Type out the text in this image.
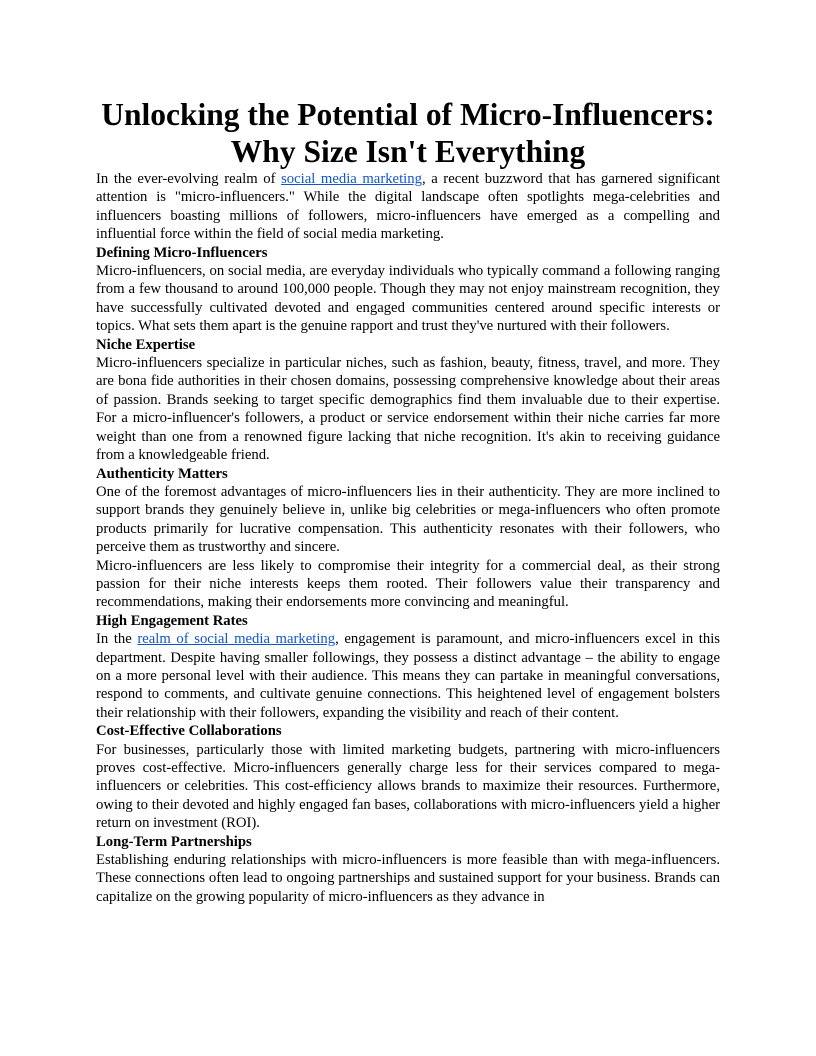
Unlocking the Potential of Micro-Influencers: Why Size Isn't Everything

In the ever-evolving realm of social media marketing, a recent buzzword that has garnered significant attention is "micro-influencers." While the digital landscape often spotlights mega-celebrities and influencers boasting millions of followers, micro-influencers have emerged as a compelling and influential force within the field of social media marketing.

Defining Micro-Influencers

Micro-influencers, on social media, are everyday individuals who typically command a following ranging from a few thousand to around 100,000 people. Though they may not enjoy mainstream recognition, they have successfully cultivated devoted and engaged communities centered around specific interests or topics. What sets them apart is the genuine rapport and trust they've nurtured with their followers.

Niche Expertise

Micro-influencers specialize in particular niches, such as fashion, beauty, fitness, travel, and more. They are bona fide authorities in their chosen domains, possessing comprehensive knowledge about their areas of passion. Brands seeking to target specific demographics find them invaluable due to their expertise. For a micro-influencer's followers, a product or service endorsement within their niche carries far more weight than one from a renowned figure lacking that niche recognition. It's akin to receiving guidance from a knowledgeable friend.

Authenticity Matters

One of the foremost advantages of micro-influencers lies in their authenticity. They are more inclined to support brands they genuinely believe in, unlike big celebrities or mega-influencers who often promote products primarily for lucrative compensation. This authenticity resonates with their followers, who perceive them as trustworthy and sincere.

Micro-influencers are less likely to compromise their integrity for a commercial deal, as their strong passion for their niche interests keeps them rooted. Their followers value their transparency and recommendations, making their endorsements more convincing and meaningful.

High Engagement Rates

In the realm of social media marketing, engagement is paramount, and micro-influencers excel in this department. Despite having smaller followings, they possess a distinct advantage – the ability to engage on a more personal level with their audience. This means they can partake in meaningful conversations, respond to comments, and cultivate genuine connections. This heightened level of engagement bolsters their relationship with their followers, expanding the visibility and reach of their content.

Cost-Effective Collaborations

For businesses, particularly those with limited marketing budgets, partnering with micro-influencers proves cost-effective. Micro-influencers generally charge less for their services compared to mega-influencers or celebrities. This cost-efficiency allows brands to maximize their resources. Furthermore, owing to their devoted and highly engaged fan bases, collaborations with micro-influencers yield a higher return on investment (ROI).

Long-Term Partnerships

Establishing enduring relationships with micro-influencers is more feasible than with mega-influencers. These connections often lead to ongoing partnerships and sustained support for your business. Brands can capitalize on the growing popularity of micro-influencers as they advance in
